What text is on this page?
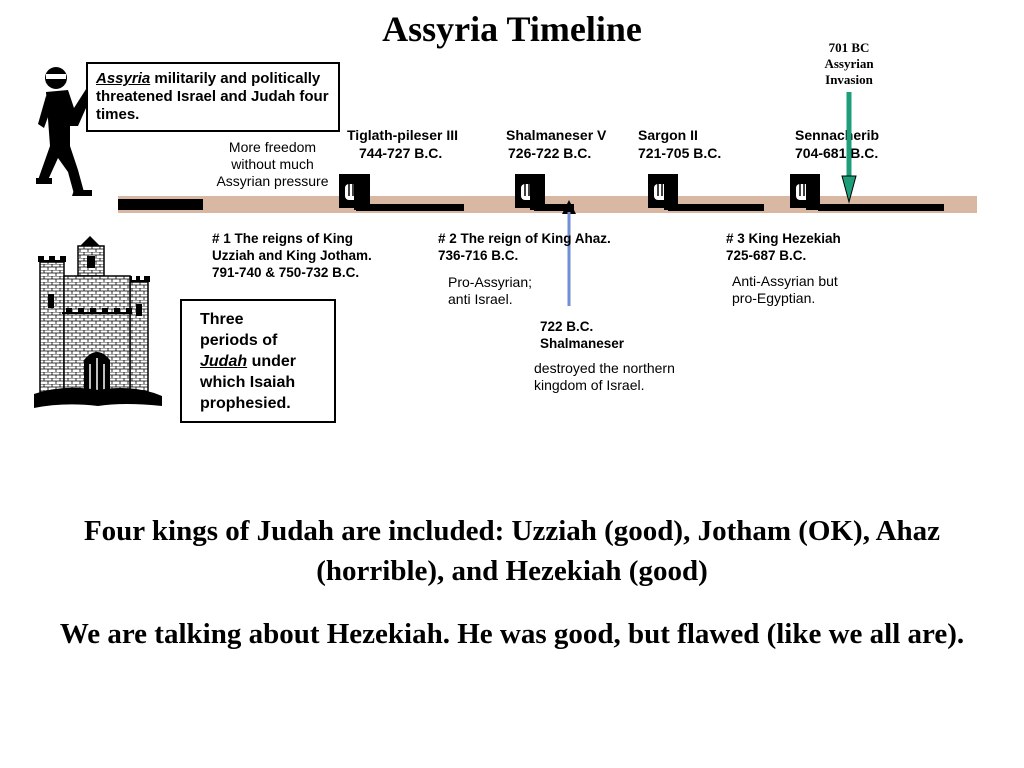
Assyria Timeline	701 BC
Assyrian
Invasion
Assyria militarily and politically
threatened Israel and Judah four
times.
More freedom
without much
Assyrian pressure
Tiglath-pileser III
744-727 B.C.
Shalmaneser V
726-722 B.C.
Sargon II
721-705 B.C.
Sennacherib
704-681 B.C.
# 1 The reigns of King
Uzziah and King Jotham.
791-740 & 750-732 B.C.
# 2 The reign of King Ahaz.
736-716 B.C.
Pro-Assyrian;
anti Israel.
# 3 King Hezekiah
725-687 B.C.
Anti-Assyrian but
pro-Egyptian.
722 B.C.
Shalmaneser
destroyed the northern
kingdom of Israel.
Three
periods of
Judah under
which Isaiah
prophesied.
Four kings of Judah are included: Uzziah (good), Jotham (OK), Ahaz (horrible), and Hezekiah (good)
We are talking about Hezekiah. He was good, but flawed (like we all are).
